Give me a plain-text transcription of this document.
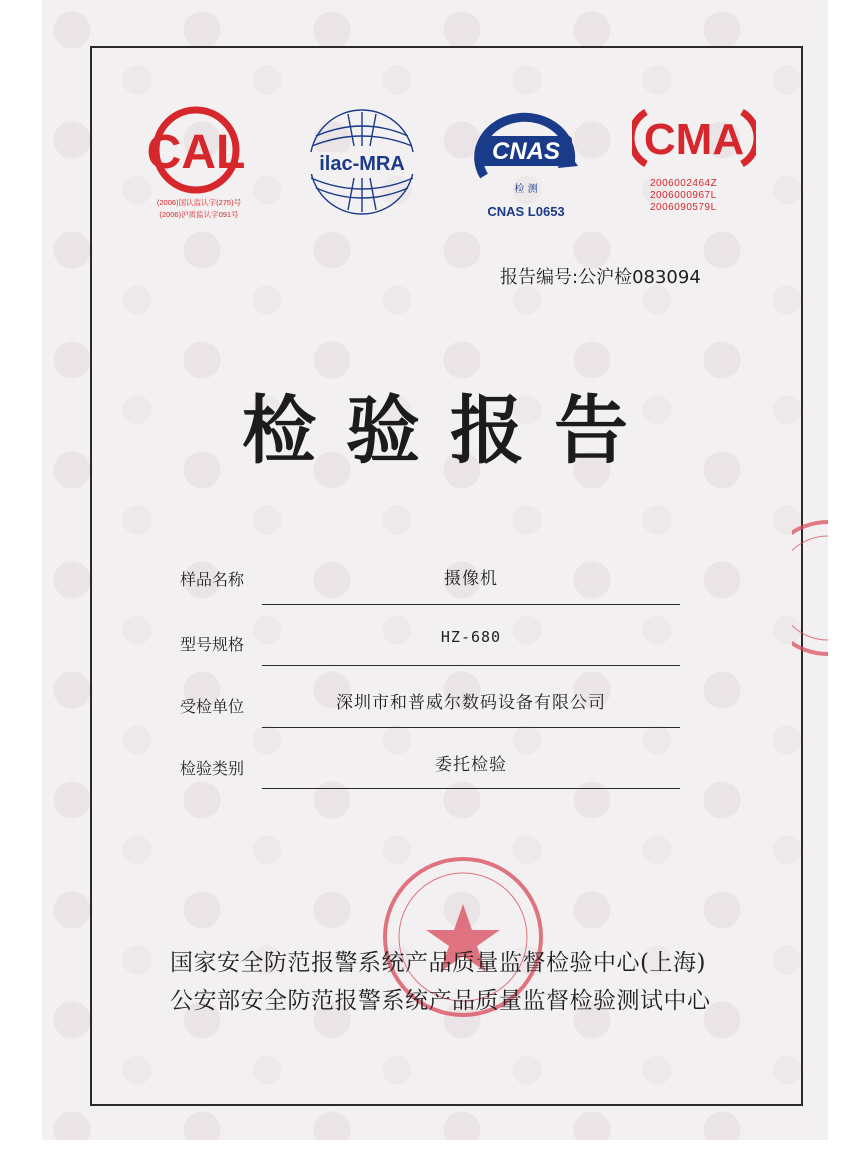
CAL
(2006)国认监认字(275)号
(2006)沪质监认字091号
ilac-MRA	CNAS
检 测
CNAS L0653
CMA
2006002464Z
2006000967L
2006090579L
报告编号:公沪检083094
检验报告
样品名称	摄像机
型号规格	HZ-680
受检单位	深圳市和普威尔数码设备有限公司
检验类别	委托检验
国家安全防范报警系统产品质量监督检验中心(上海)
公安部安全防范报警系统产品质量监督检验测试中心
